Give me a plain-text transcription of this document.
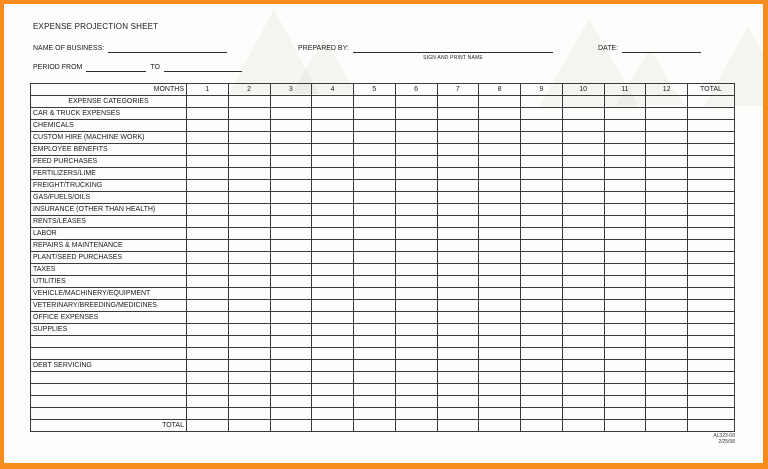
EXPENSE PROJECTION SHEET
NAME OF BUSINESS:	PREPARED BY:
SIGN AND PRINT NAME
DATE:
PERIOD FROM	TO
MONTHS	1	2	3	4	5	6	7	8	9	10	11	12	TOTAL
EXPENSE CATEGORIES													
CAR & TRUCK EXPENSES													
CHEMICALS													
CUSTOM HIRE (MACHINE WORK)													
EMPLOYEE BENEFITS													
FEED PURCHASES													
FERTILIZERS/LIME													
FREIGHT/TRUCKING													
GAS/FUELS/OILS													
INSURANCE (OTHER THAN HEALTH)													
RENTS/LEASES													
LABOR													
REPAIRS & MAINTENANCE													
PLANT/SEED PURCHASES													
TAXES													
UTILITIES													
VEHICLE/MACHINERY/EQUIPMENT													
VETERINARY/BREEDING/MEDICINES													
OFFICE EXPENSES													
SUPPLIES													

DEBT SERVICING													

TOTAL													
AL323-08
2/25/98
